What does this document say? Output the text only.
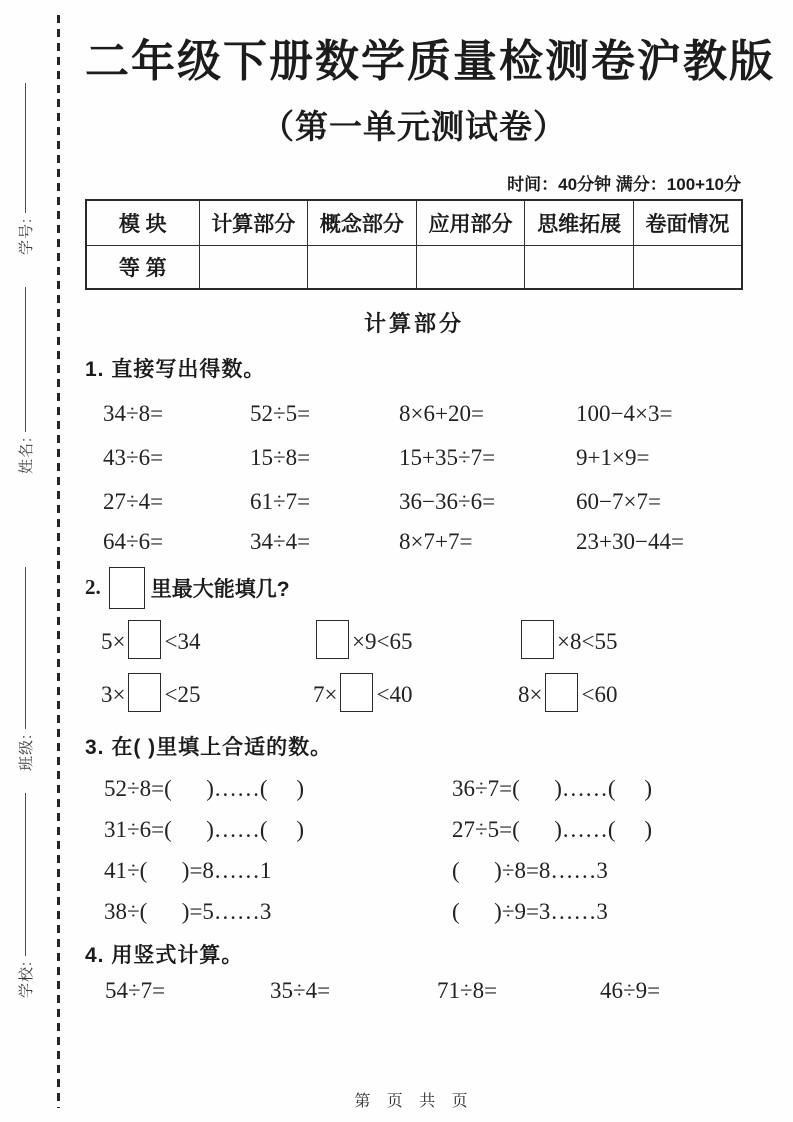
学号:
姓名:
班级:
学校:
二年级下册数学质量检测卷沪教版
（第一单元测试卷）
时间：40分钟 满分：100+10分
模 块	计算部分	概念部分	应用部分	思维拓展	卷面情况
等 第					
计算部分
1. 直接写出得数。
34÷8=	52÷5=	8×6+20=	100−4×3=
43÷6=	15÷8=	15+35÷7=	9+1×9=
27÷4=	61÷7=	36−36÷6=	60−7×7=
64÷6=	34÷4=	8×7+7=	23+30−44=
2. 里最大能填几?
5× <34	×9<65	×8<55
3× <25	7× <40	8× <60
3. 在( )里填上合适的数。
52÷8=(      )……(     )	36÷7=(      )……(     )
31÷6=(      )……(     )	27÷5=(      )……(     )
41÷(      )=8……1	(      )÷8=8……3
38÷(      )=5……3	(      )÷9=3……3
4. 用竖式计算。
54÷7=	35÷4=	71÷8=	46÷9=
第 页 共 页
